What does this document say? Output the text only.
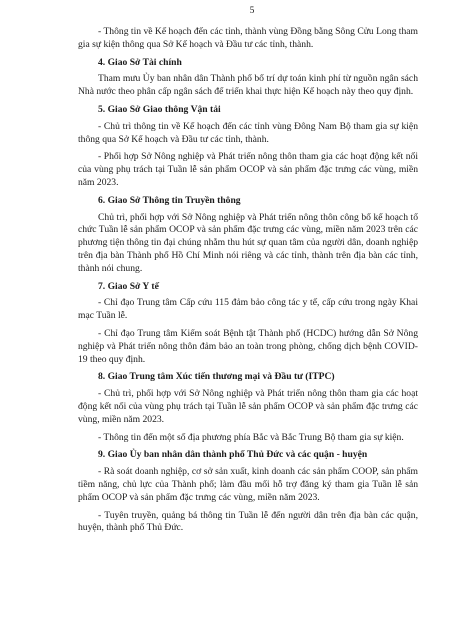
5

- Thông tin về Kế hoạch đến các tỉnh, thành vùng Đồng bằng Sông Cửu Long tham gia sự kiện thông qua Sở Kế hoạch và Đầu tư các tỉnh, thành.

4. Giao Sở Tài chính

Tham mưu Ủy ban nhân dân Thành phố bố trí dự toán kinh phí từ nguồn ngân sách Nhà nước theo phân cấp ngân sách để triển khai thực hiện Kế hoạch này theo quy định.

5. Giao Sở Giao thông Vận tải

- Chủ trì thông tin về Kế hoạch đến các tỉnh vùng Đông Nam Bộ tham gia sự kiện thông qua Sở Kế hoạch và Đầu tư các tỉnh, thành.

- Phối hợp Sở Nông nghiệp và Phát triển nông thôn tham gia các hoạt động kết nối của vùng phụ trách tại Tuần lễ sản phẩm OCOP và sản phẩm đặc trưng các vùng, miền năm 2023.

6. Giao Sở Thông tin Truyền thông

Chủ trì, phối hợp với Sở Nông nghiệp và Phát triển nông thôn công bố kế hoạch tổ chức Tuần lễ sản phẩm OCOP và sản phẩm đặc trưng các vùng, miền năm 2023 trên các phương tiện thông tin đại chúng nhằm thu hút sự quan tâm của người dân, doanh nghiệp trên địa bàn Thành phố Hồ Chí Minh nói riêng và các tỉnh, thành trên địa bàn các tỉnh, thành nói chung.

7. Giao Sở Y tế

- Chỉ đạo Trung tâm Cấp cứu 115 đảm bảo công tác y tế, cấp cứu trong ngày Khai mạc Tuần lễ.

- Chỉ đạo Trung tâm Kiểm soát Bệnh tật Thành phố (HCDC) hướng dẫn Sở Nông nghiệp và Phát triển nông thôn đảm bảo an toàn trong phòng, chống dịch bệnh COVID-19 theo quy định.

8. Giao Trung tâm Xúc tiến thương mại và Đầu tư (ITPC)

- Chủ trì, phối hợp với Sở Nông nghiệp và Phát triển nông thôn tham gia các hoạt động kết nối của vùng phụ trách tại Tuần lễ sản phẩm OCOP và sản phẩm đặc trưng các vùng, miền năm 2023.

- Thông tin đến một số địa phương phía Bắc và Bắc Trung Bộ tham gia sự kiện.

9. Giao Ủy ban nhân dân thành phố Thủ Đức và các quận - huyện

- Rà soát doanh nghiệp, cơ sở sản xuất, kinh doanh các sản phẩm COOP, sản phẩm tiềm năng, chủ lực của Thành phố; làm đầu mối hỗ trợ đăng ký tham gia Tuần lễ sản phẩm OCOP và sản phẩm đặc trưng các vùng, miền năm 2023.

- Tuyên truyền, quảng bá thông tin Tuần lễ đến người dân trên địa bàn các quận, huyện, thành phố Thủ Đức.
